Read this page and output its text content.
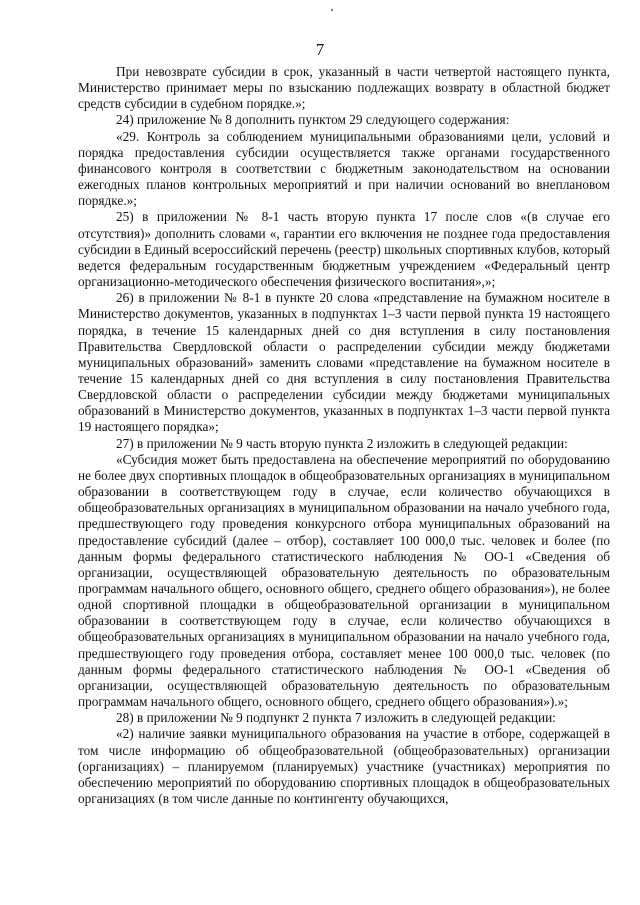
7

При невозврате субсидии в срок, указанный в части четвертой настоящего пункта, Министерство принимает меры по взысканию подлежащих возврату в областной бюджет средств субсидии в судебном порядке.»;

24) приложение № 8 дополнить пунктом 29 следующего содержания:

«29. Контроль за соблюдением муниципальными образованиями цели, условий и порядка предоставления субсидии осуществляется также органами государственного финансового контроля в соответствии с бюджетным законодательством на основании ежегодных планов контрольных мероприятий и при наличии оснований во внеплановом порядке.»;

25) в приложении № 8-1 часть вторую пункта 17 после слов «(в случае его отсутствия)» дополнить словами «, гарантии его включения не позднее года предоставления субсидии в Единый всероссийский перечень (реестр) школьных спортивных клубов, который ведется федеральным государственным бюджетным учреждением «Федеральный центр организационно-методического обеспечения физического воспитания»,»;

26) в приложении № 8-1 в пункте 20 слова «представление на бумажном носителе в Министерство документов, указанных в подпунктах 1–3 части первой пункта 19 настоящего порядка, в течение 15 календарных дней со дня вступления в силу постановления Правительства Свердловской области о распределении субсидии между бюджетами муниципальных образований» заменить словами «представление на бумажном носителе в течение 15 календарных дней со дня вступления в силу постановления Правительства Свердловской области о распределении субсидии между бюджетами муниципальных образований в Министерство документов, указанных в подпунктах 1–3 части первой пункта 19 настоящего порядка»;

27) в приложении № 9 часть вторую пункта 2 изложить в следующей редакции:

«Субсидия может быть предоставлена на обеспечение мероприятий по оборудованию не более двух спортивных площадок в общеобразовательных организациях в муниципальном образовании в соответствующем году в случае, если количество обучающихся в общеобразовательных организациях в муниципальном образовании на начало учебного года, предшествующего году проведения конкурсного отбора муниципальных образований на предоставление субсидий (далее – отбор), составляет 100 000,0 тыс. человек и более (по данным формы федерального статистического наблюдения № ОО-1 «Сведения об организации, осуществляющей образовательную деятельность по образовательным программам начального общего, основного общего, среднего общего образования»), не более одной спортивной площадки в общеобразовательной организации в муниципальном образовании в соответствующем году в случае, если количество обучающихся в общеобразовательных организациях в муниципальном образовании на начало учебного года, предшествующего году проведения отбора, составляет менее 100 000,0 тыс. человек (по данным формы федерального статистического наблюдения № ОО-1 «Сведения об организации, осуществляющей образовательную деятельность по образовательным программам начального общего, основного общего, среднего общего образования»).»;

28) в приложении № 9 подпункт 2 пункта 7 изложить в следующей редакции:

«2) наличие заявки муниципального образования на участие в отборе, содержащей в том числе информацию об общеобразовательной (общеобразовательных) организации (организациях) – планируемом (планируемых) участнике (участниках) мероприятия по обеспечению мероприятий по оборудованию спортивных площадок в общеобразовательных организациях (в том числе данные по контингенту обучающихся,
